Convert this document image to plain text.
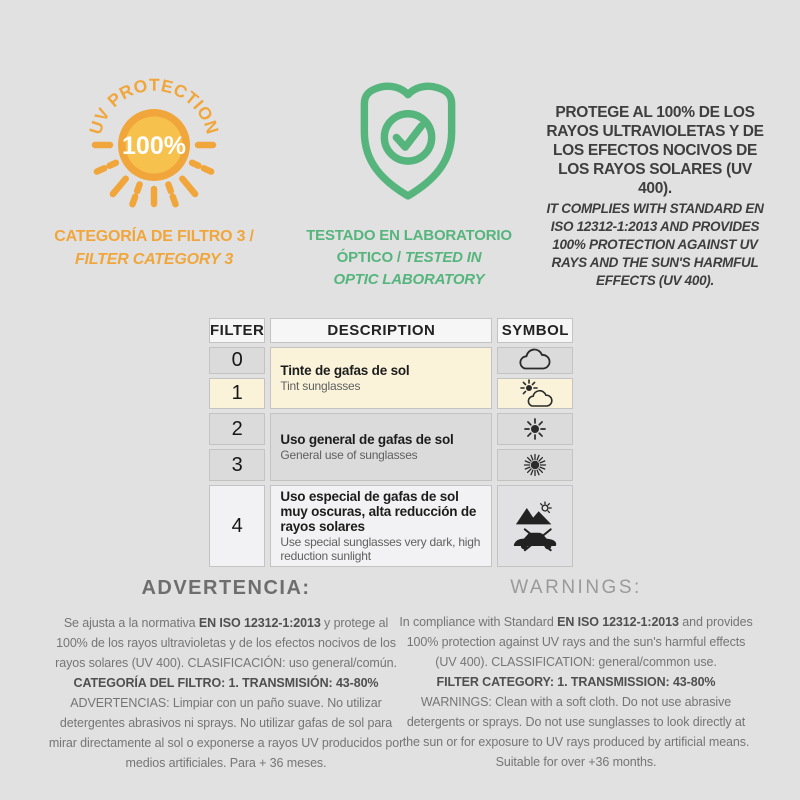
100%
UV PROTECTION
CATEGORÍA DE FILTRO 3 /
FILTER CATEGORY 3
TESTADO EN LABORATORIO
ÓPTICO / TESTED IN
OPTIC LABORATORY
PROTEGE AL 100% DE LOS RAYOS ULTRAVIOLETAS Y DE LOS EFECTOS NOCIVOS DE LOS RAYOS SOLARES (UV 400).
IT COMPLIES WITH STANDARD EN ISO 12312-1:2013 AND PROVIDES 100% PROTECTION AGAINST UV RAYS AND THE SUN'S HARMFUL EFFECTS (UV 400).
FILTER	DESCRIPTION	SYMBOL
0	Tinte de gafas de sol
Tint sunglasses

1	

2	Uso general de gafas de sol
General use of sunglasses

3	

4	Uso especial de gafas de sol muy oscuras, alta reducción de rayos solares
Use special sunglasses very dark, high reduction sunlight

ADVERTENCIA:

Se ajusta a la normativa EN ISO 12312-1:2013 y protege al 100% de los rayos ultravioletas y de los efectos nocivos de los rayos solares (UV 400). CLASIFICACIÓN: uso general/común.

CATEGORÍA DEL FILTRO: 1. TRANSMISIÓN: 43-80%

ADVERTENCIAS: Limpiar con un paño suave. No utilizar detergentes abrasivos ni sprays. No utilizar gafas de sol para mirar directamente al sol o exponerse a rayos UV producidos por medios artificiales. Para + 36 meses.

WARNINGS:

In compliance with Standard EN ISO 12312-1:2013 and provides 100% protection against UV rays and the sun's harmful effects (UV 400). CLASSIFICATION: general/common use.

FILTER CATEGORY: 1. TRANSMISSION: 43-80%

WARNINGS: Clean with a soft cloth. Do not use abrasive detergents or sprays. Do not use sunglasses to look directly at the sun or for exposure to UV rays produced by artificial means. Suitable for over +36 months.
